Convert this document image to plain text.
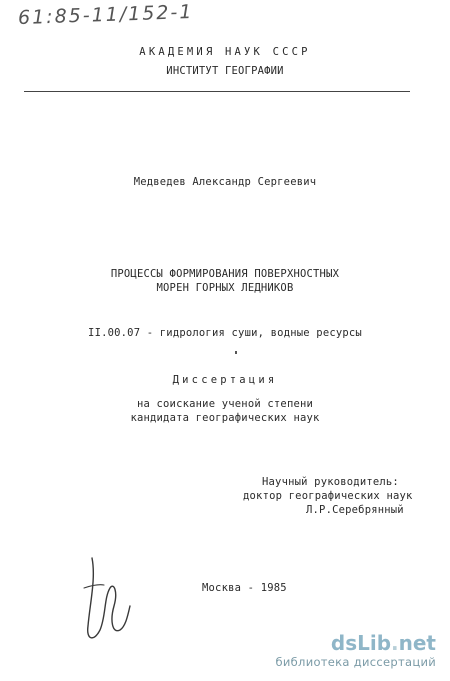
61:85-11/152-1
АКАДЕМИЯ НАУК СССР
ИНСТИТУТ ГЕОГРАФИИ
Медведев Александр Сергеевич
ПРОЦЕССЫ ФОРМИРОВАНИЯ ПОВЕРХНОСТНЫХ
МОРЕН ГОРНЫХ ЛЕДНИКОВ
II.00.07 - гидрология суши, водные ресурсы
Диссертация
на соискание ученой степени
кандидата географических наук
Научный руководитель:
доктор географических наук
Л.Р.Серебрянный
Москва - 1985
dsLib.net
библиотека диссертаций
